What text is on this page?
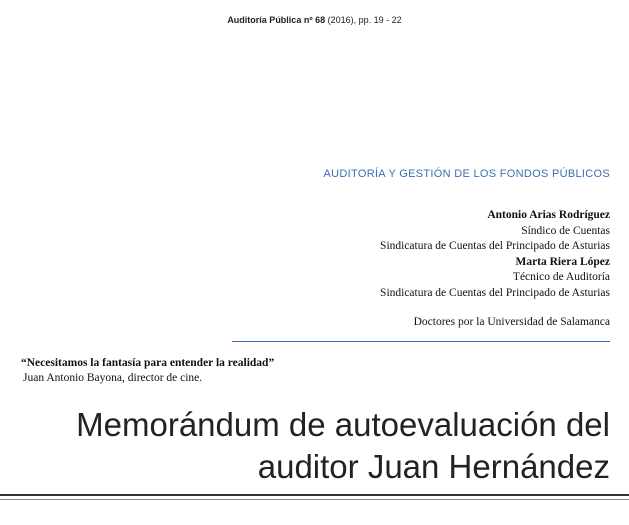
Auditoría Pública nº 68 (2016), pp. 19 - 22
AUDITORÍA Y GESTIÓN DE LOS FONDOS PÚBLICOS
Antonio Arias Rodríguez
Síndico de Cuentas
Sindicatura de Cuentas del Principado de Asturias
Marta Riera López
Técnico de Auditoría
Sindicatura de Cuentas del Principado de Asturias
Doctores por la Universidad de Salamanca
“Necesitamos la fantasía para entender la realidad”
Juan Antonio Bayona, director de cine.
Memorándum de autoevaluación del
auditor Juan Hernández
